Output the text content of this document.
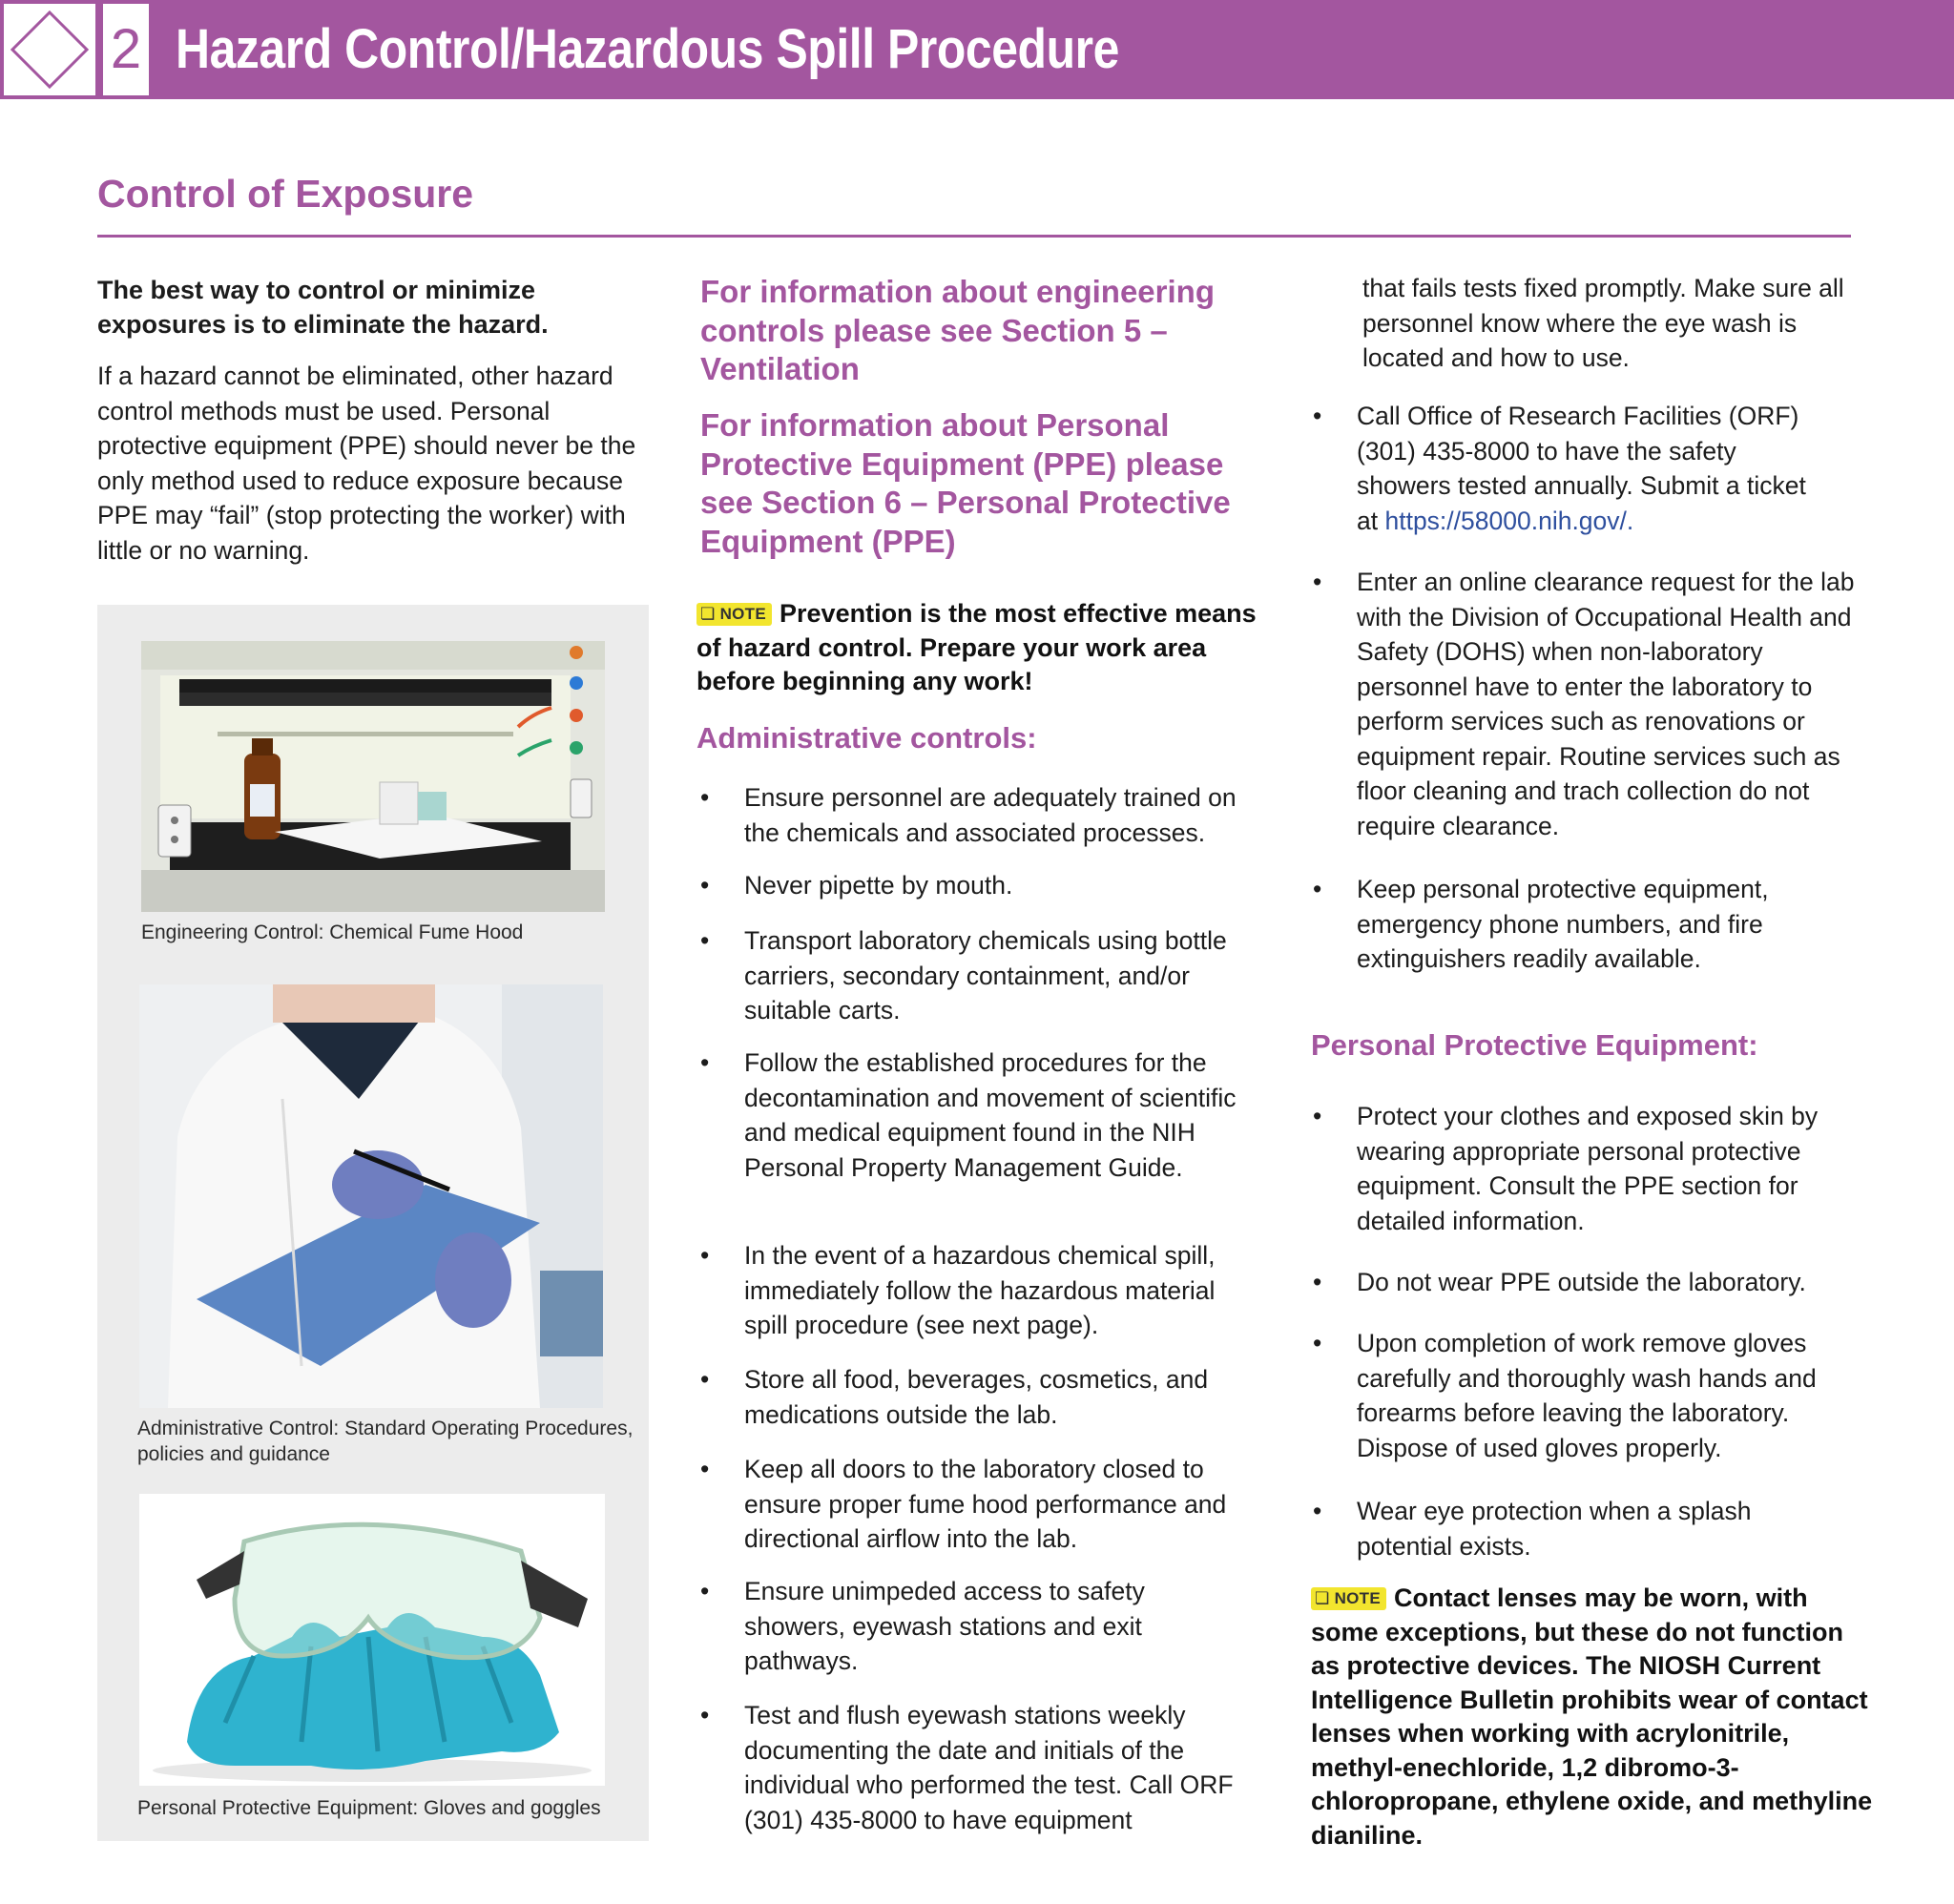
2 Hazard Control/Hazardous Spill Procedure
Control of Exposure
The best way to control or minimize exposures is to eliminate the hazard.
If a hazard cannot be eliminated, other hazard control methods must be used. Personal protective equipment (PPE) should never be the only method used to reduce exposure because PPE may “fail” (stop protecting the worker) with little or no warning.
Engineering Control: Chemical Fume Hood
Administrative Control: Standard Operating Procedures, policies and guidance
Personal Protective Equipment: Gloves and goggles
For information about engineering controls please see Section 5 – Ventilation
For information about Personal Protective Equipment (PPE) please see Section 6 – Personal Protective Equipment (PPE)
❏ NOTE Prevention is the most effective means of hazard control. Prepare your work area before beginning any work!
Administrative controls:
• Ensure personnel are adequately trained on the chemicals and associated processes.
• Never pipette by mouth.
• Transport laboratory chemicals using bottle carriers, secondary containment, and/or suitable carts.
• Follow the established procedures for the decontamination and movement of scientific and medical equipment found in the NIH Personal Property Management Guide.
• In the event of a hazardous chemical spill, immediately follow the hazardous material spill procedure (see next page).
• Store all food, beverages, cosmetics, and medications outside the lab.
• Keep all doors to the laboratory closed to ensure proper fume hood performance and directional airflow into the lab.
• Ensure unimpeded access to safety showers, eyewash stations and exit pathways.
• Test and flush eyewash stations weekly documenting the date and initials of the individual who performed the test. Call ORF (301) 435-8000 to have equipment
that fails tests fixed promptly. Make sure all personnel know where the eye wash is located and how to use.
• Call Office of Research Facilities (ORF) (301) 435-8000 to have the safety showers tested annually. Submit a ticket at https://58000.nih.gov/.
• Enter an online clearance request for the lab with the Division of Occupational Health and Safety (DOHS) when non-laboratory personnel have to enter the laboratory to perform services such as renovations or equipment repair. Routine services such as floor cleaning and trach collection do not require clearance.
• Keep personal protective equipment, emergency phone numbers, and fire extinguishers readily available.
Personal Protective Equipment:
• Protect your clothes and exposed skin by wearing appropriate personal protective equipment. Consult the PPE section for detailed information.
• Do not wear PPE outside the laboratory.
• Upon completion of work remove gloves carefully and thoroughly wash hands and forearms before leaving the laboratory. Dispose of used gloves properly.
• Wear eye protection when a splash potential exists.
❏ NOTE Contact lenses may be worn, with some exceptions, but these do not function as protective devices. The NIOSH Current Intelligence Bulletin prohibits wear of contact lenses when working with acrylonitrile, methyl-enechloride, 1,2 dibromo-3-chloropropane, ethylene oxide, and methyline dianiline.
